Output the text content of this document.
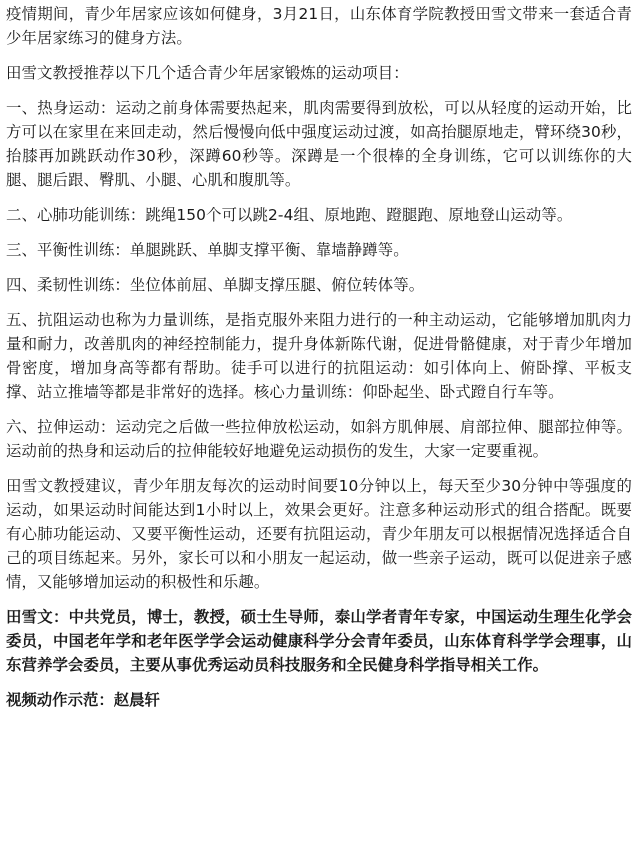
疫情期间，青少年居家应该如何健身，3月21日，山东体育学院教授田雪文带来一套适合青少年居家练习的健身方法。

田雪文教授推荐以下几个适合青少年居家锻炼的运动项目：

一、热身运动：运动之前身体需要热起来，肌肉需要得到放松，可以从轻度的运动开始，比方可以在家里在来回走动，然后慢慢向低中强度运动过渡，如高抬腿原地走，臂环绕30秒，抬膝再加跳跃动作30秒，深蹲60秒等。深蹲是一个很棒的全身训练，它可以训练你的大腿、腿后跟、臀肌、小腿、心肌和腹肌等。

二、心肺功能训练：跳绳150个可以跳2-4组、原地跑、蹬腿跑、原地登山运动等。

三、平衡性训练：单腿跳跃、单脚支撑平衡、靠墙静蹲等。

四、柔韧性训练：坐位体前屈、单脚支撑压腿、俯位转体等。

五、抗阻运动也称为力量训练，是指克服外来阻力进行的一种主动运动，它能够增加肌肉力量和耐力，改善肌肉的神经控制能力，提升身体新陈代谢，促进骨骼健康，对于青少年增加骨密度，增加身高等都有帮助。徒手可以进行的抗阻运动：如引体向上、俯卧撑、平板支撑、站立推墙等都是非常好的选择。核心力量训练：仰卧起坐、卧式蹬自行车等。

六、拉伸运动：运动完之后做一些拉伸放松运动，如斜方肌伸展、肩部拉伸、腿部拉伸等。运动前的热身和运动后的拉伸能较好地避免运动损伤的发生，大家一定要重视。

田雪文教授建议，青少年朋友每次的运动时间要10分钟以上，每天至少30分钟中等强度的运动，如果运动时间能达到1小时以上，效果会更好。注意多种运动形式的组合搭配。既要有心肺功能运动、又要平衡性运动，还要有抗阻运动，青少年朋友可以根据情况选择适合自己的项目练起来。另外，家长可以和小朋友一起运动，做一些亲子运动，既可以促进亲子感情，又能够增加运动的积极性和乐趣。

田雪文：中共党员，博士，教授，硕士生导师，泰山学者青年专家，中国运动生理生化学会委员，中国老年学和老年医学学会运动健康科学分会青年委员，山东体育科学学会理事，山东营养学会委员，主要从事优秀运动员科技服务和全民健身科学指导相关工作。

视频动作示范：赵晨轩
